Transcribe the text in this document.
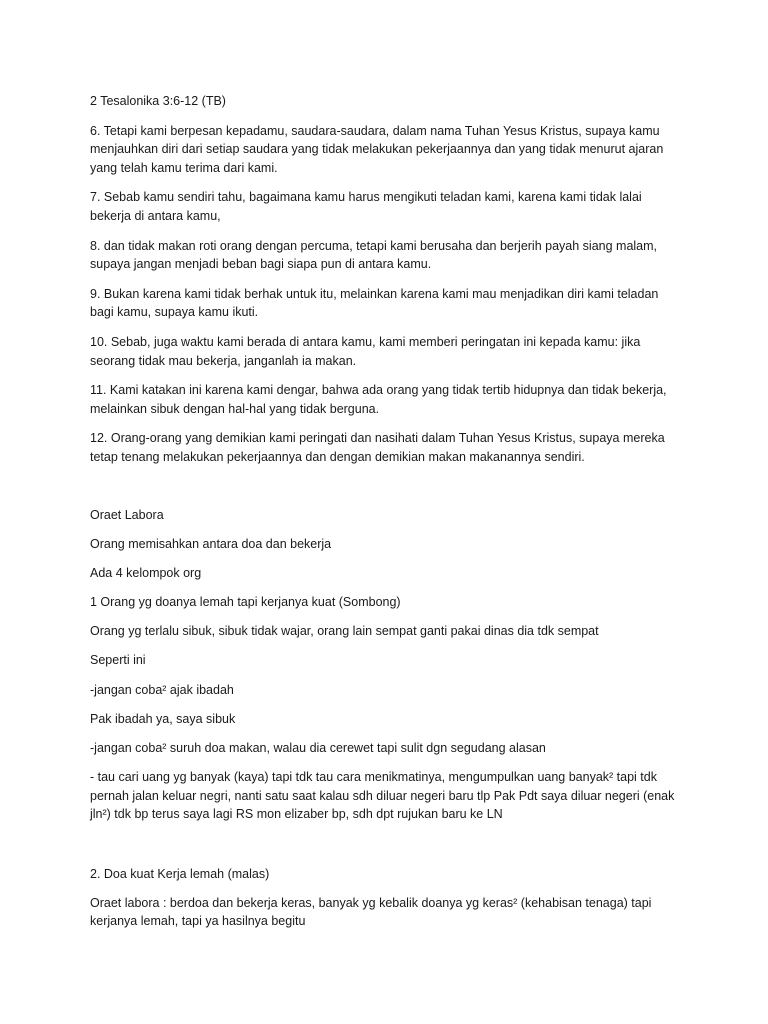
2 Tesalonika 3:6-12 (TB)

6. Tetapi kami berpesan kepadamu, saudara-saudara, dalam nama Tuhan Yesus Kristus, supaya kamu menjauhkan diri dari setiap saudara yang tidak melakukan pekerjaannya dan yang tidak menurut ajaran yang telah kamu terima dari kami.

7. Sebab kamu sendiri tahu, bagaimana kamu harus mengikuti teladan kami, karena kami tidak lalai bekerja di antara kamu,

8. dan tidak makan roti orang dengan percuma, tetapi kami berusaha dan berjerih payah siang malam, supaya jangan menjadi beban bagi siapa pun di antara kamu.

9. Bukan karena kami tidak berhak untuk itu, melainkan karena kami mau menjadikan diri kami teladan bagi kamu, supaya kamu ikuti.

10. Sebab, juga waktu kami berada di antara kamu, kami memberi peringatan ini kepada kamu: jika seorang tidak mau bekerja, janganlah ia makan.

11. Kami katakan ini karena kami dengar, bahwa ada orang yang tidak tertib hidupnya dan tidak bekerja, melainkan sibuk dengan hal-hal yang tidak berguna.

12. Orang-orang yang demikian kami peringati dan nasihati dalam Tuhan Yesus Kristus, supaya mereka tetap tenang melakukan pekerjaannya dan dengan demikian makan makanannya sendiri.

Oraet Labora

Orang memisahkan antara doa dan bekerja

Ada 4 kelompok org

1 Orang yg doanya lemah tapi kerjanya kuat (Sombong)

Orang yg terlalu sibuk, sibuk tidak wajar, orang lain sempat ganti pakai dinas dia tdk sempat

Seperti ini

-jangan coba² ajak ibadah

Pak ibadah ya, saya sibuk

-jangan coba² suruh doa makan, walau dia cerewet tapi sulit dgn segudang alasan

- tau cari uang yg banyak (kaya) tapi tdk tau cara menikmatinya, mengumpulkan uang banyak² tapi tdk pernah jalan keluar negri, nanti satu saat kalau sdh diluar negeri baru tlp Pak Pdt saya diluar negeri (enak jln²) tdk bp terus saya lagi RS mon elizaber bp, sdh dpt rujukan baru ke LN

2. Doa kuat Kerja lemah (malas)

Oraet labora : berdoa dan bekerja keras, banyak yg kebalik doanya yg keras² (kehabisan tenaga) tapi kerjanya lemah, tapi ya hasilnya begitu
